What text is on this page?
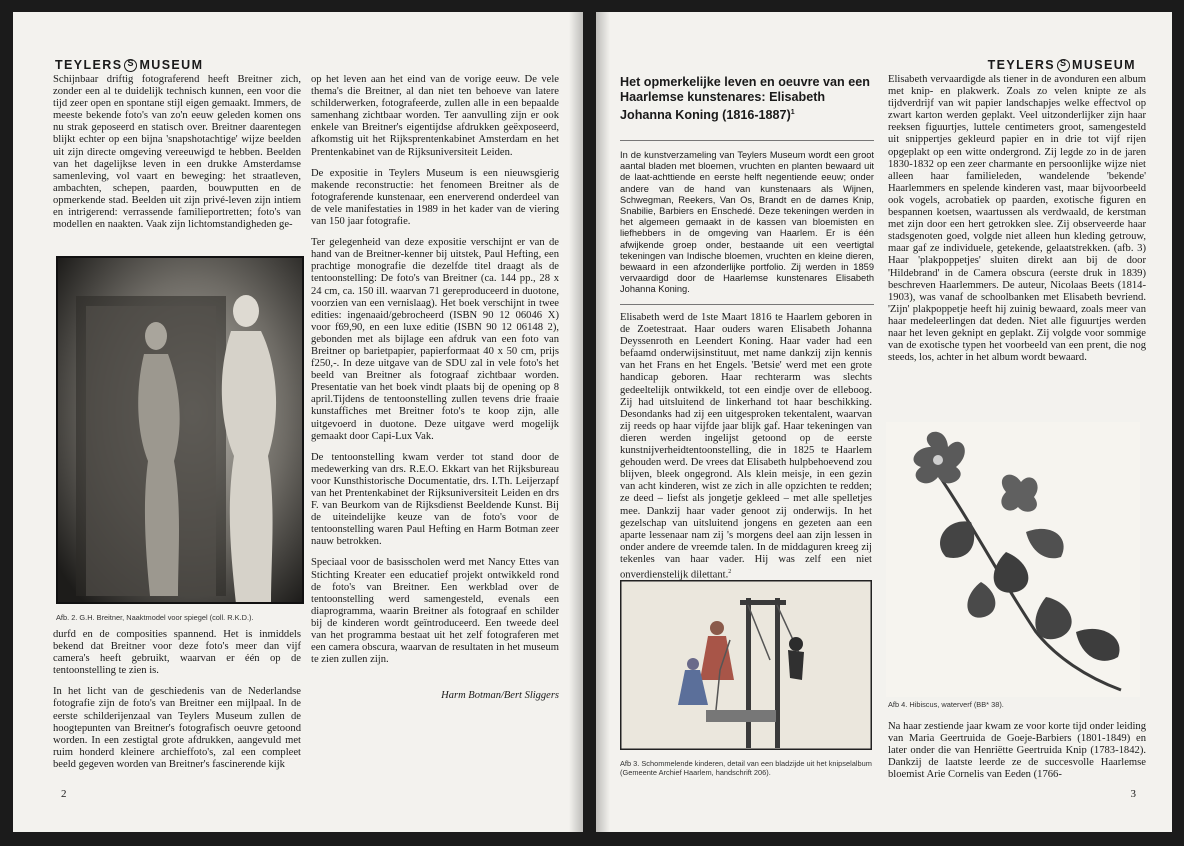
TEYLERS S MUSEUM

Schijnbaar driftig fotograferend heeft Breitner zich, zonder een al te duidelijk technisch kunnen, een voor die tijd zeer open en spontane stijl eigen gemaakt. Immers, de meeste bekende foto's van zo'n eeuw geleden komen ons nu strak geposeerd en statisch over. Breitner daarentegen blijkt echter op een bijna 'snapshotachtige' wijze beelden uit zijn directe omgeving vereeuwigd te hebben. Beelden van het dagelijkse leven in een drukke Amsterdamse samenleving, vol vaart en beweging: het straatleven, ambachten, schepen, paarden, bouwputten en de opmerkende stad. Beelden uit zijn privé-leven zijn intiem en intrigerend: verrassende familieportretten; foto's van modellen en naakten. Vaak zijn lichtomstandigheden ge-

Afb. 2. G.H. Breitner, Naaktmodel voor spiegel (coll. R.K.D.).

durfd en de composities spannend. Het is inmiddels bekend dat Breitner voor deze foto's meer dan vijf camera's heeft gebruikt, waarvan er één op de tentoonstelling te zien is.

In het licht van de geschiedenis van de Nederlandse fotografie zijn de foto's van Breitner een mijlpaal. In de eerste schilderijenzaal van Teylers Museum zullen de hoogtepunten van Breitner's fotografisch oeuvre getoond worden. In een zestigtal grote afdrukken, aangevuld met ruim honderd kleinere archieffoto's, zal een compleet beeld gegeven worden van Breitner's fascinerende kijk

op het leven aan het eind van de vorige eeuw. De vele thema's die Breitner, al dan niet ten behoeve van latere schilderwerken, fotografeerde, zullen alle in een bepaalde samenhang zichtbaar worden. Ter aanvulling zijn er ook enkele van Breitner's eigentijdse afdrukken geëxposeerd, afkomstig uit het Rijksprentenkabinet Amsterdam en het Prentenkabinet van de Rijksuniversiteit Leiden.

De expositie in Teylers Museum is een nieuwsgierig makende reconstructie: het fenomeen Breitner als de fotograferende kunstenaar, een enerverend onderdeel van de vele manifestaties in 1989 in het kader van de viering van 150 jaar fotografie.

Ter gelegenheid van deze expositie verschijnt er van de hand van de Breitner-kenner bij uitstek, Paul Hefting, een prachtige monografie die dezelfde titel draagt als de tentoonstelling: De foto's van Breitner (ca. 144 pp., 28 x 24 cm, ca. 150 ill. waarvan 71 gereproduceerd in duotone, voorzien van een vernislaag). Het boek verschijnt in twee edities: ingenaaid/gebrocheerd (ISBN 90 12 06046 X) voor f69,90, en een luxe editie (ISBN 90 12 06148 2), gebonden met als bijlage een afdruk van een foto van Breitner op barietpapier, papierformaat 40 x 50 cm, prijs f250,-. In deze uitgave van de SDU zal in vele foto's het beeld van Breitner als fotograaf zichtbaar worden. Presentatie van het boek vindt plaats bij de opening op 8 april.Tijdens de tentoonstelling zullen tevens drie fraaie kunstaffiches met Breitner foto's te koop zijn, alle uitgevoerd in duotone. Deze uitgave werd mogelijk gemaakt door Capi-Lux Vak.

De tentoonstelling kwam verder tot stand door de medewerking van drs. R.E.O. Ekkart van het Rijksbureau voor Kunsthistorische Documentatie, drs. I.Th. Leijerzapf van het Prentenkabinet der Rijksuniversiteit Leiden en drs F. van Beurkom van de Rijksdienst Beeldende Kunst. Bij de uiteindelijke keuze van de foto's voor de tentoonstelling waren Paul Hefting en Harm Botman zeer nauw betrokken.

Speciaal voor de basisscholen werd met Nancy Ettes van Stichting Kreater een educatief projekt ontwikkeld rond de foto's van Breitner. Een werkblad over de tentoonstelling werd samengesteld, evenals een diaprogramma, waarin Breitner als fotograaf en schilder bij de kinderen wordt geïntroduceerd. Een tweede deel van het programma bestaat uit het zelf fotograferen met een camera obscura, waarvan de resultaten in het museum te zien zullen zijn.

Harm Botman/Bert Sliggers
2
TEYLERS S MUSEUM
Het opmerkelijke leven en oeuvre van een Haarlemse kunstenares: Elisabeth Johanna Koning (1816-1887)$^1$
In de kunstverzameling van Teylers Museum wordt een groot aantal bladen met bloemen, vruchten en planten bewaard uit de laat-achttiende en eerste helft negentiende eeuw; onder andere van de hand van kunstenaars als Wijnen, Schwegman, Reekers, Van Os, Brandt en de dames Knip, Snabilie, Barbiers en Enschedé. Deze tekeningen werden in het algemeen gemaakt in de kassen van bloemisten en liefhebbers in de omgeving van Haarlem. Er is één afwijkende groep onder, bestaande uit een veertigtal tekeningen van Indische bloemen, vruchten en kleine dieren, bewaard in een afzonderlijke portfolio. Zij werden in 1859 vervaardigd door de Haarlemse kunstenares Elisabeth Johanna Koning.

Elisabeth werd de 1ste Maart 1816 te Haarlem geboren in de Zoetestraat. Haar ouders waren Elisabeth Johanna Deyssenroth en Leendert Koning. Haar vader had een befaamd onderwijsinstituut, met name dankzij zijn kennis van het Frans en het Engels. 'Betsie' werd met een grote handicap geboren. Haar rechterarm was slechts gedeeltelijk ontwikkeld, tot een eindje over de elleboog. Zij had uitsluitend de linkerhand tot haar beschikking. Desondanks had zij een uitgesproken tekentalent, waarvan zij reeds op haar vijfde jaar blijk gaf. Haar tekeningen van dieren werden ingelijst getoond op de eerste kunstnijverheidtentoonstelling, die in 1825 te Haarlem gehouden werd. De vrees dat Elisabeth hulpbehoevend zou blijven, bleek ongegrond. Als klein meisje, in een gezin van acht kinderen, wist ze zich in alle opzichten te redden; ze deed – liefst als jongetje gekleed – met alle spelletjes mee. Dankzij haar vader genoot zij onderwijs. In het gezelschap van uitsluitend jongens en gezeten aan een aparte lessenaar nam zij 's morgens deel aan zijn lessen in onder andere de vreemde talen. In de middaguren kreeg zij tekenles van haar vader. Hij was zelf een niet onverdienstelijk dilettant.$^2$

Afb 3. Schommelende kinderen, detail van een bladzijde uit het knipselalbum (Gemeente Archief Haarlem, handschrift 206).

Elisabeth vervaardigde als tiener in de avonduren een album met knip- en plakwerk. Zoals zo velen knipte ze als tijdverdrijf van wit papier landschapjes welke effectvol op zwart karton werden geplakt. Veel uitzonderlijker zijn haar reeksen figuurtjes, luttele centimeters groot, samengesteld uit snippertjes gekleurd papier en in drie tot vijf rijen opgeplakt op een witte ondergrond. Zij legde zo in de jaren 1830-1832 op een zeer charmante en persoonlijke wijze niet alleen haar familieleden, wandelende 'bekende' Haarlemmers en spelende kinderen vast, maar bijvoorbeeld ook vogels, acrobatiek op paarden, exotische figuren en bespannen koetsen, waartussen als verdwaald, de kerstman met zijn door een hert getrokken slee. Zij observeerde haar stadsgenoten goed, volgde niet alleen hun kleding getrouw, maar gaf ze individuele, getekende, gelaatstrekken. (afb. 3) Haar 'plakpoppetjes' sluiten direkt aan bij de door 'Hildebrand' in de Camera obscura (eerste druk in 1839) beschreven Haarlemmers. De auteur, Nicolaas Beets (1814-1903), was vanaf de schoolbanken met Elisabeth bevriend. 'Zijn' plakpoppetje heeft hij zuinig bewaard, zoals meer van haar medeleerlingen dat deden. Niet alle figuurtjes werden naar het leven geknipt en geplakt. Zij volgde voor sommige van de exotische typen het voorbeeld van een prent, die nog steeds, los, achter in het album wordt bewaard.

Afb 4. Hibiscus, waterverf (BB* 38).

Na haar zestiende jaar kwam ze voor korte tijd onder leiding van Maria Geertruida de Goeje-Barbiers (1801-1849) en later onder die van Henriëtte Geertruida Knip (1783-1842). Dankzij de laatste leerde ze de succesvolle Haarlemse bloemist Arie Cornelis van Eeden (1766-

3
